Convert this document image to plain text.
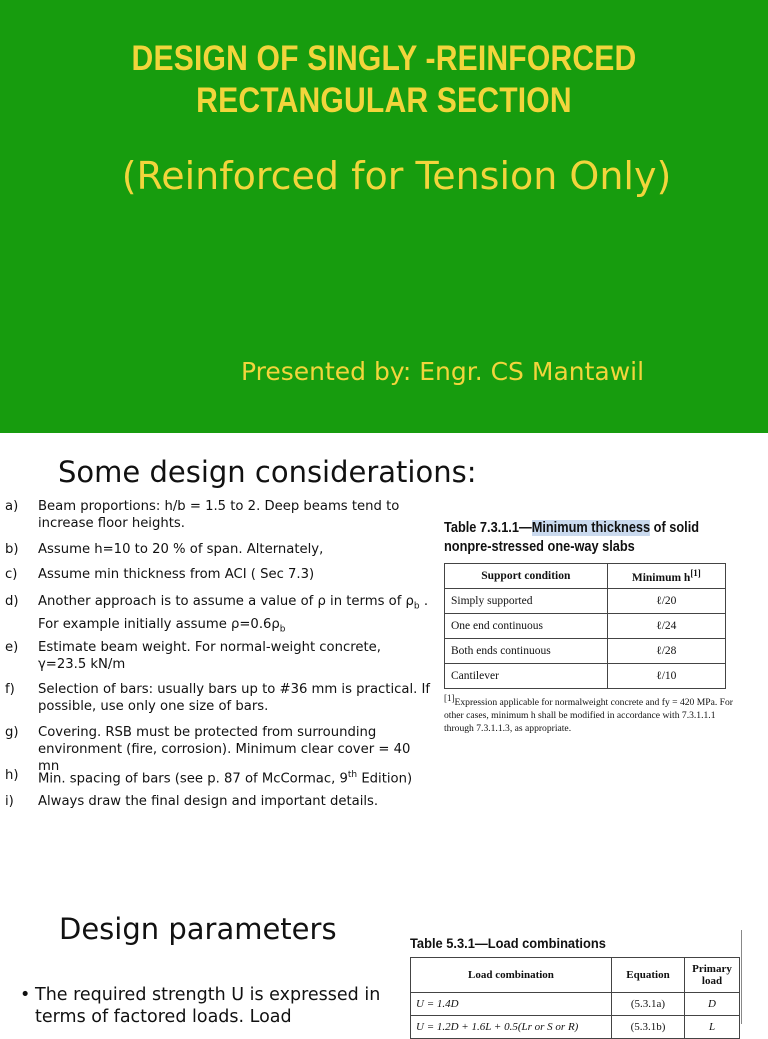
DESIGN OF SINGLY -REINFORCED
RECTANGULAR SECTION
(Reinforced for Tension Only)
Presented by: Engr. CS Mantawil
Some design considerations:
a) Beam proportions: h/b = 1.5 to 2. Deep beams tend to increase floor heights.
b) Assume h=10 to 20 % of span. Alternately,
c) Assume min thickness from ACI ( Sec 7.3)
d) Another approach is to assume a value of ρ in terms of $\rho_b$ . For example initially assume $\rho=0.6\rho_b$
e) Estimate beam weight. For normal-weight concrete, γ=23.5 kN/m
f) Selection of bars: usually bars up to #36 mm is practical. If possible, use only one size of bars.
g) Covering. RSB must be protected from surrounding environment (fire, corrosion). Minimum clear cover = 40 mn
h) Min. spacing of bars (see p. 87 of McCormac, 9th Edition)
i) Always draw the final design and important details.
Table 7.3.1.1—Minimum thickness of solid nonpre-stressed one-way slabs
Support condition	Minimum h[1]
Simply supported	ℓ/20
One end continuous	ℓ/24
Both ends continuous	ℓ/28
Cantilever	ℓ/10
[1]Expression applicable for normalweight concrete and fy = 420 MPa. For other cases, minimum h shall be modified in accordance with 7.3.1.1.1 through 7.3.1.1.3, as appropriate.
Design parameters
• The required strength U is expressed in terms of factored loads. Load
Table 5.3.1—Load combinations
Load combination	Equation	Primary load
U = 1.4D	(5.3.1a)	D
U = 1.2D + 1.6L + 0.5(Lr or S or R)	(5.3.1b)	L
